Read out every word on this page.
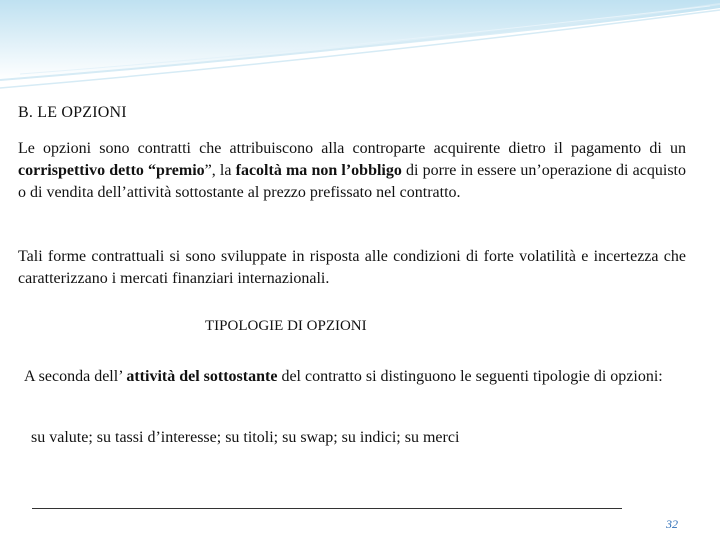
B. LE OPZIONI
Le opzioni sono contratti che attribuiscono alla controparte acquirente dietro il pagamento di un corrispettivo detto “premio”, la facoltà ma non l’obbligo di porre in essere un’operazione di acquisto o di vendita dell’attività sottostante al prezzo prefissato nel contratto.
Tali forme contrattuali si sono sviluppate in risposta alle condizioni di forte volatilità e incertezza che caratterizzano i mercati finanziari internazionali.
TIPOLOGIE DI OPZIONI
A seconda dell’ attività del sottostante del contratto si distinguono le seguenti tipologie di opzioni:
su valute; su tassi d’interesse; su titoli; su swap; su indici; su merci
32
